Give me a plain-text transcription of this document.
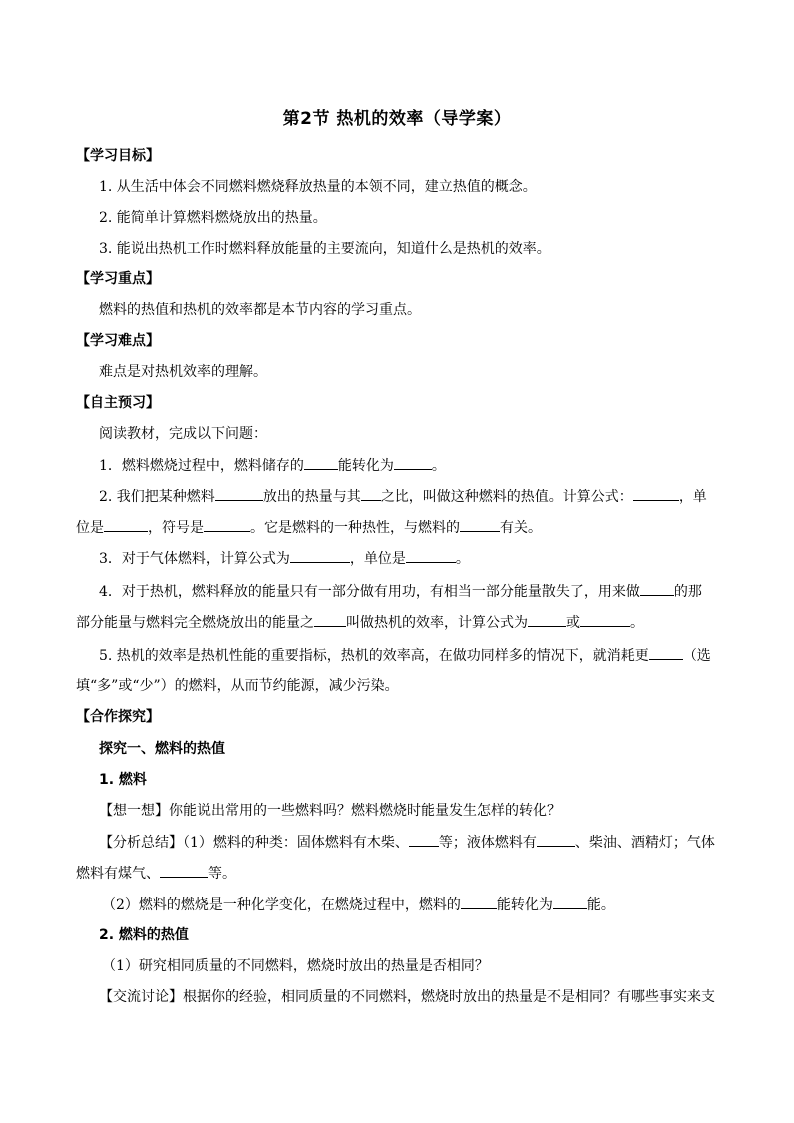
第2节 热机的效率（导学案）
【学习目标】
1. 从生活中体会不同燃料燃烧释放热量的本领不同，建立热值的概念。
2. 能简单计算燃料燃烧放出的热量。
3. 能说出热机工作时燃料释放能量的主要流向，知道什么是热机的效率。
【学习重点】
燃料的热值和热机的效率都是本节内容的学习重点。
【学习难点】
难点是对热机效率的理解。
【自主预习】
阅读教材，完成以下问题：
1．燃料燃烧过程中，燃料储存的 能转化为	。
2. 我们把某种燃料	放出的热量与其 之比，叫做这种燃料的热值。计算公式：	，单
位是	，符号是	。它是燃料的一种热性，与燃料的	有关。
3．对于气体燃料，计算公式为	，单位是	。
4．对于热机，燃料释放的能量只有一部分做有用功，有相当一部分能量散失了，用来做 的那
部分能量与燃料完全燃烧放出的能量之 叫做热机的效率，计算公式为	或	。
5. 热机的效率是热机性能的重要指标，热机的效率高，在做功同样多的情况下，就消耗更 （选
填“多”或“少”）的燃料，从而节约能源，减少污染。
【合作探究】
探究一、燃料的热值
1. 燃料
【想一想】你能说出常用的一些燃料吗？燃料燃烧时能量发生怎样的转化？
【分析总结】（1）燃料的种类：固体燃料有木柴、 等；液体燃料有	、柴油、酒精灯；气体
燃料有煤气、	等。
（2）燃料的燃烧是一种化学变化，在燃烧过程中，燃料的	能转化为 能。
2. 燃料的热值
（1）研究相同质量的不同燃料，燃烧时放出的热量是否相同？
【交流讨论】根据你的经验，相同质量的不同燃料，燃烧时放出的热量是不是相同？有哪些事实来支
